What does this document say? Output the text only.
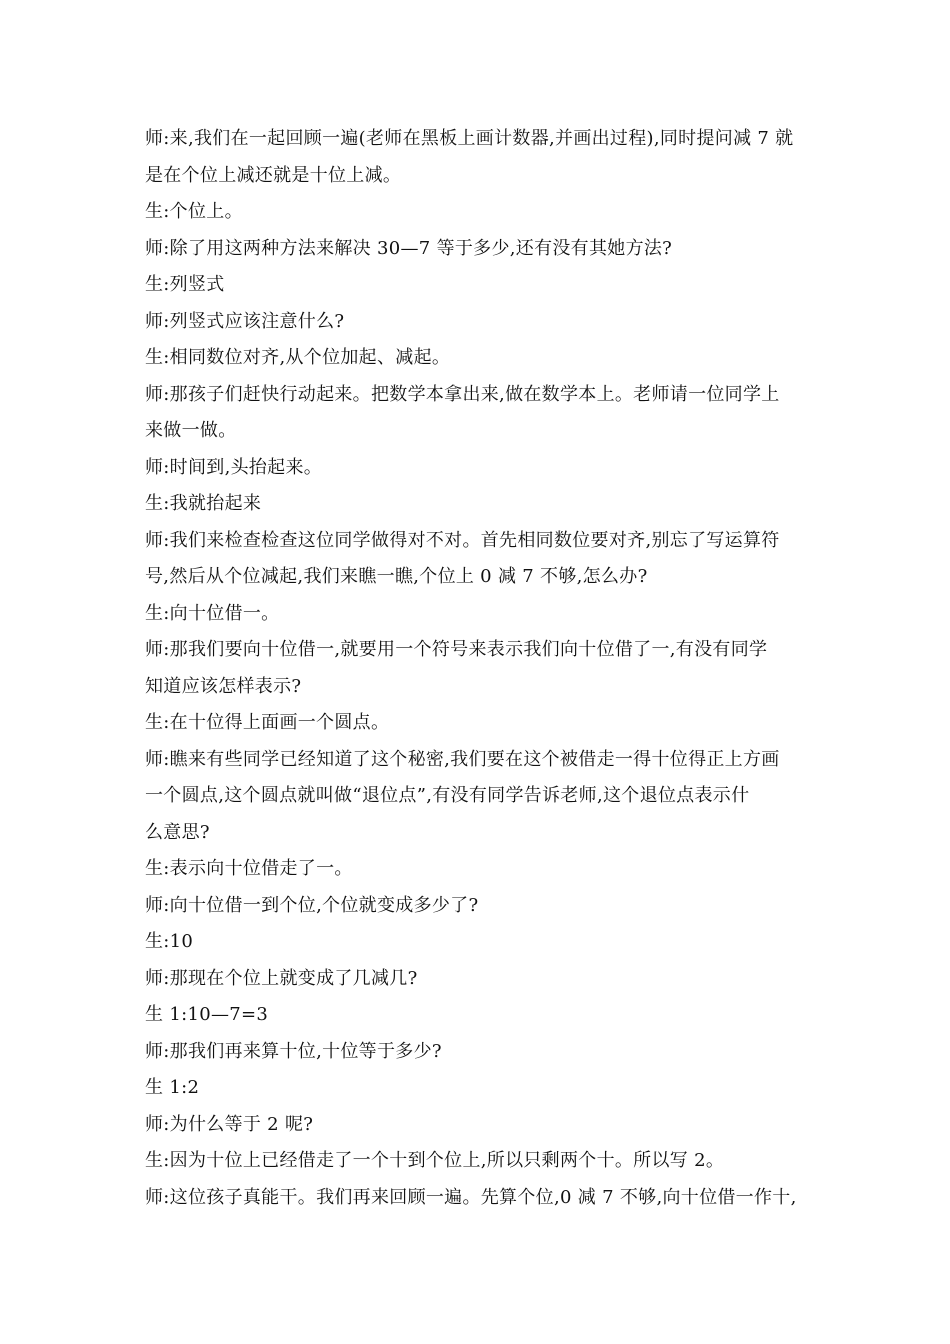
师:来,我们在一起回顾一遍(老师在黑板上画计数器,并画出过程),同时提问减 7 就
是在个位上减还就是十位上减。
生:个位上。
师:除了用这两种方法来解决 30—7 等于多少,还有没有其她方法?
生:列竖式
师:列竖式应该注意什么?
生:相同数位对齐,从个位加起、减起。
师:那孩子们赶快行动起来。把数学本拿出来,做在数学本上。老师请一位同学上
来做一做。
师:时间到,头抬起来。
生:我就抬起来
师:我们来检查检查这位同学做得对不对。首先相同数位要对齐,别忘了写运算符
号,然后从个位减起,我们来瞧一瞧,个位上 0 减 7 不够,怎么办?
生:向十位借一。
师:那我们要向十位借一,就要用一个符号来表示我们向十位借了一,有没有同学
知道应该怎样表示?
生:在十位得上面画一个圆点。
师:瞧来有些同学已经知道了这个秘密,我们要在这个被借走一得十位得正上方画
一个圆点,这个圆点就叫做“退位点”,有没有同学告诉老师,这个退位点表示什
么意思?
生:表示向十位借走了一。
师:向十位借一到个位,个位就变成多少了?
生:10
师:那现在个位上就变成了几减几?
生 1:10—7=3
师:那我们再来算十位,十位等于多少?
生 1:2
师:为什么等于 2 呢?
生:因为十位上已经借走了一个十到个位上,所以只剩两个十。所以写 2。
师:这位孩子真能干。我们再来回顾一遍。先算个位,0 减 7 不够,向十位借一作十,
